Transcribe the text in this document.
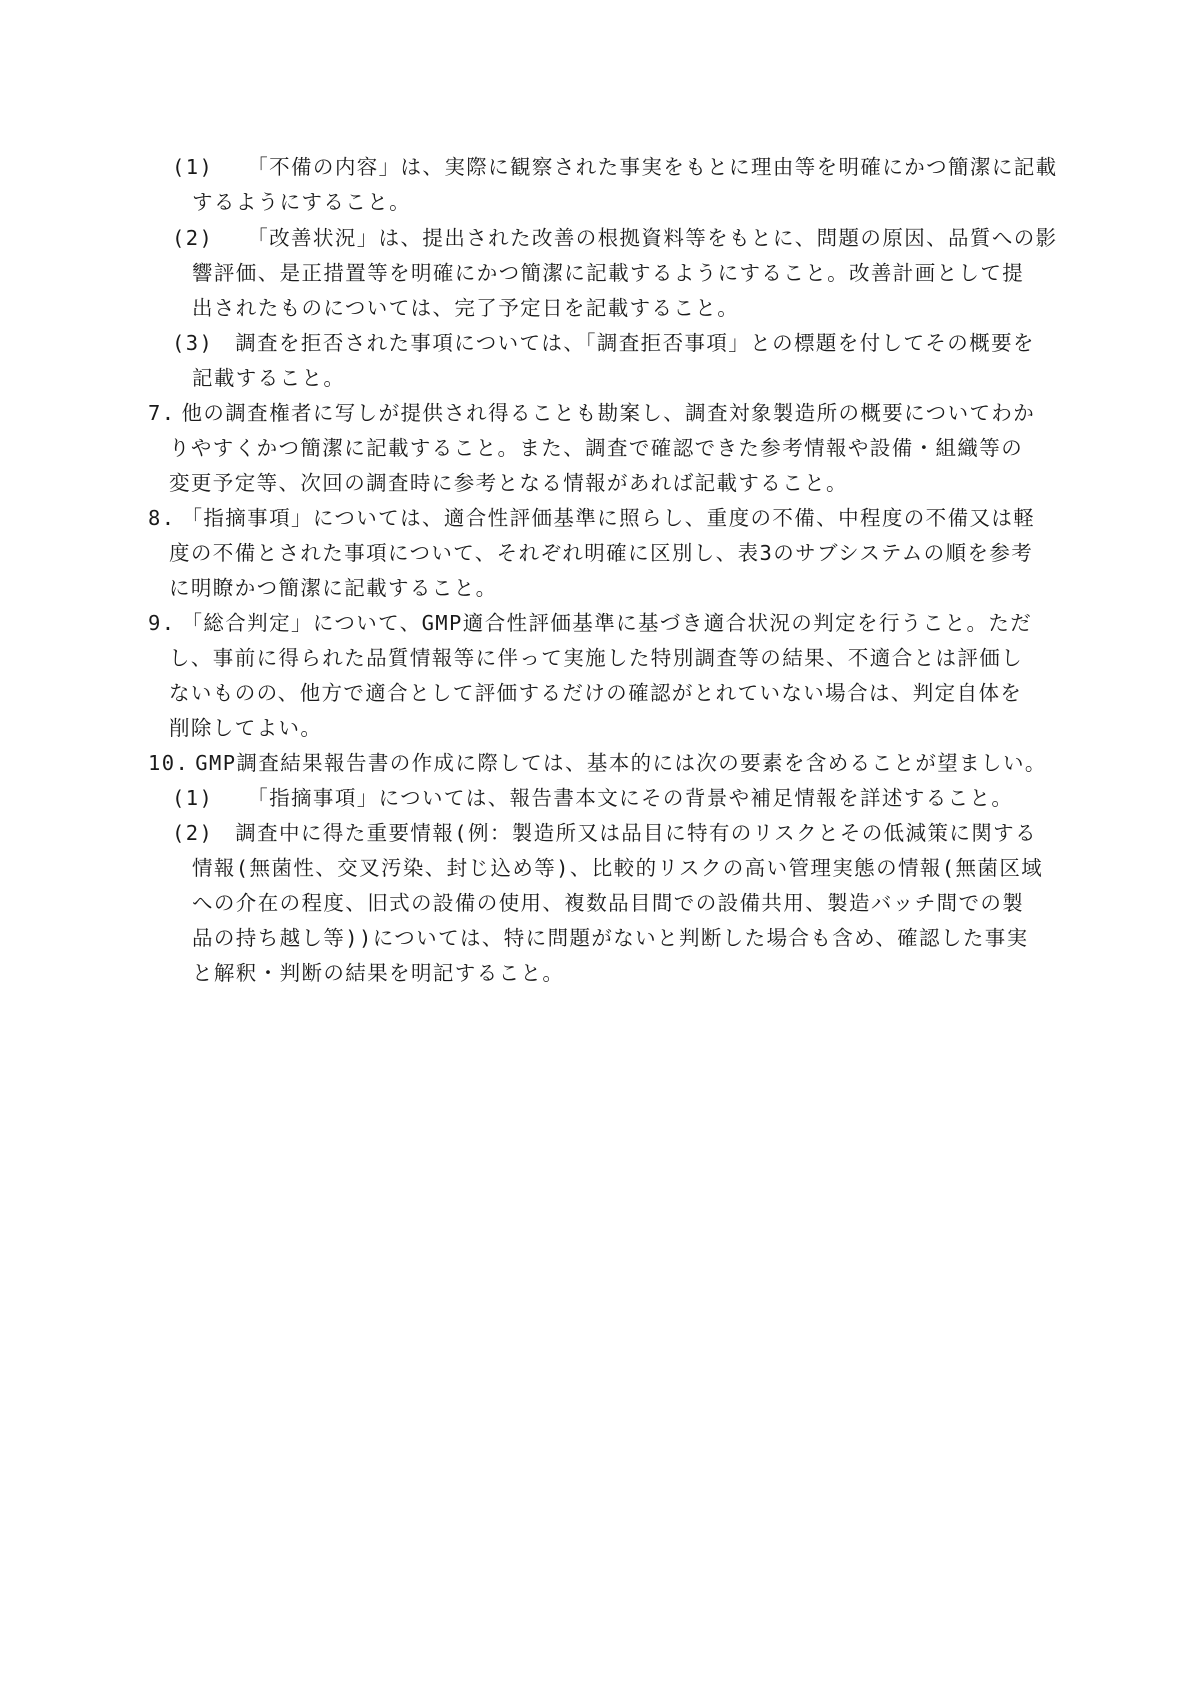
(1) 「不備の内容」は、実際に観察された事実をもとに理由等を明確にかつ簡潔に記載
するようにすること。
(2) 「改善状況」は、提出された改善の根拠資料等をもとに、問題の原因、品質への影
響評価、是正措置等を明確にかつ簡潔に記載するようにすること。改善計画として提
出されたものについては、完了予定日を記載すること。
(3) 調査を拒否された事項については、「調査拒否事項」との標題を付してその概要を
記載すること。
7. 他の調査権者に写しが提供され得ることも勘案し、調査対象製造所の概要についてわか
りやすくかつ簡潔に記載すること。また、調査で確認できた参考情報や設備・組織等の
変更予定等、次回の調査時に参考となる情報があれば記載すること。
8. 「指摘事項」については、適合性評価基準に照らし、重度の不備、中程度の不備又は軽
度の不備とされた事項について、それぞれ明確に区別し、表3のサブシステムの順を参考
に明瞭かつ簡潔に記載すること。
9. 「総合判定」について、GMP適合性評価基準に基づき適合状況の判定を行うこと。ただ
し、事前に得られた品質情報等に伴って実施した特別調査等の結果、不適合とは評価し
ないものの、他方で適合として評価するだけの確認がとれていない場合は、判定自体を
削除してよい。
10. GMP調査結果報告書の作成に際しては、基本的には次の要素を含めることが望ましい。
(1) 「指摘事項」については、報告書本文にその背景や補足情報を詳述すること。
(2) 調査中に得た重要情報(例：製造所又は品目に特有のリスクとその低減策に関する
情報(無菌性、交叉汚染、封じ込め等)、比較的リスクの高い管理実態の情報(無菌区域
への介在の程度、旧式の設備の使用、複数品目間での設備共用、製造バッチ間での製
品の持ち越し等))については、特に問題がないと判断した場合も含め、確認した事実
と解釈・判断の結果を明記すること。
